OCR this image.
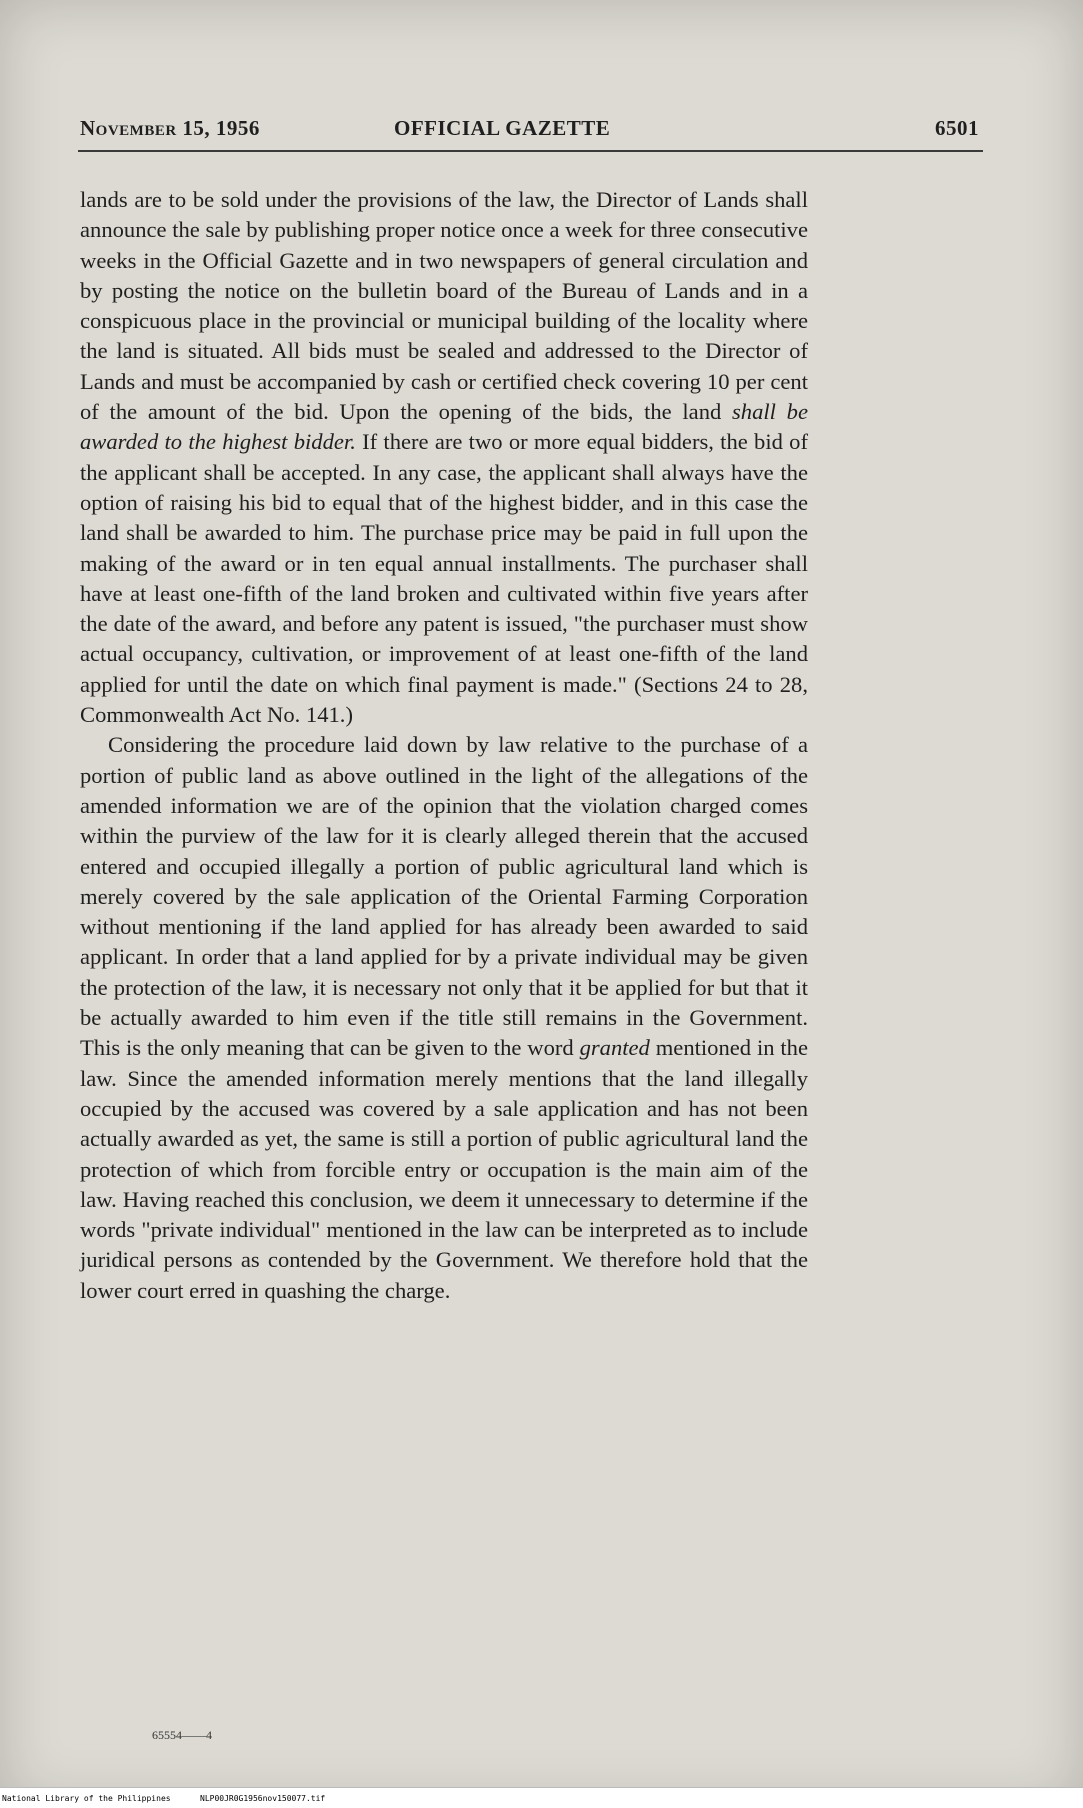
November 15, 1956	OFFICIAL GAZETTE	6501

lands are to be sold under the provisions of the law, the Director of Lands shall announce the sale by publishing proper notice once a week for three consecutive weeks in the Official Gazette and in two newspapers of general circulation and by posting the notice on the bulletin board of the Bureau of Lands and in a conspicuous place in the provincial or municipal building of the locality where the land is situated. All bids must be sealed and addressed to the Director of Lands and must be accompanied by cash or certified check covering 10 per cent of the amount of the bid. Upon the opening of the bids, the land shall be awarded to the highest bidder. If there are two or more equal bidders, the bid of the applicant shall be accepted. In any case, the applicant shall always have the option of raising his bid to equal that of the highest bidder, and in this case the land shall be awarded to him. The purchase price may be paid in full upon the making of the award or in ten equal annual installments. The purchaser shall have at least one-fifth of the land broken and cultivated within five years after the date of the award, and before any patent is issued, "the purchaser must show actual occupancy, cultivation, or improvement of at least one-fifth of the land applied for until the date on which final payment is made." (Sections 24 to 28, Commonwealth Act No. 141.)

Considering the procedure laid down by law relative to the purchase of a portion of public land as above outlined in the light of the allegations of the amended information we are of the opinion that the violation charged comes within the purview of the law for it is clearly alleged therein that the accused entered and occupied illegally a portion of public agricultural land which is merely covered by the sale application of the Oriental Farming Corporation without mentioning if the land applied for has already been awarded to said applicant. In order that a land applied for by a private individual may be given the protection of the law, it is necessary not only that it be applied for but that it be actually awarded to him even if the title still remains in the Government. This is the only meaning that can be given to the word granted mentioned in the law. Since the amended information merely mentions that the land illegally occupied by the accused was covered by a sale application and has not been actually awarded as yet, the same is still a portion of public agricultural land the protection of which from forcible entry or occupation is the main aim of the law. Having reached this conclusion, we deem it unnecessary to determine if the words "private individual" mentioned in the law can be interpreted as to include juridical persons as contended by the Government. We therefore hold that the lower court erred in quashing the charge.

65554——4
National Library of the Philippines	NLP00JR0G1956nov150077.tif
